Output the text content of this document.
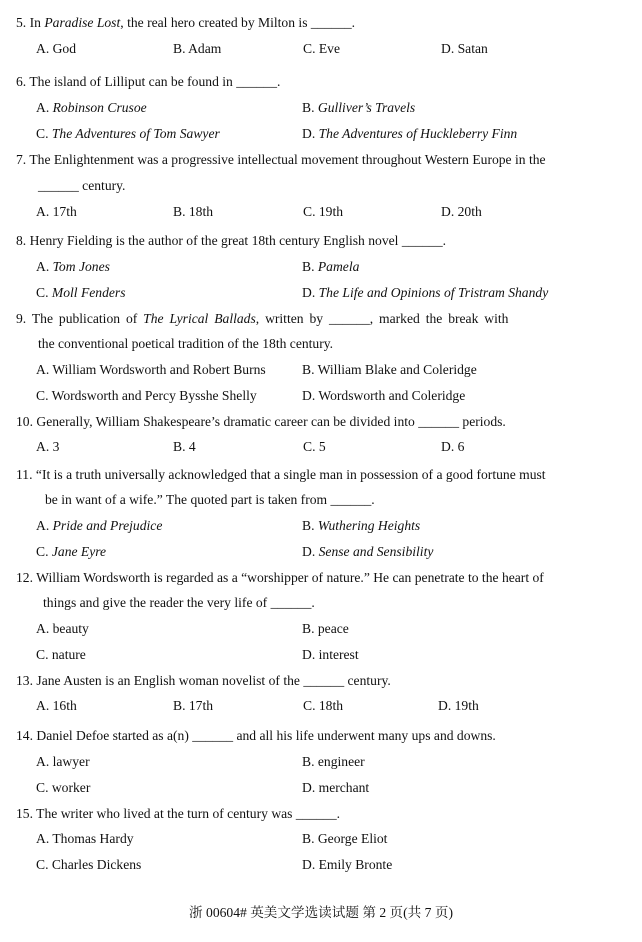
5. In Paradise Lost, the real hero created by Milton is ______.
A. God	B. Adam	C. Eve	D. Satan
6. The island of Lilliput can be found in ______.
A. Robinson Crusoe	B. Gulliver’s Travels
C. The Adventures of Tom Sawyer	D. The Adventures of Huckleberry Finn
7. The Enlightenment was a progressive intellectual movement throughout Western Europe in the
______ century.
A. 17th	B. 18th	C. 19th	D. 20th
8. Henry Fielding is the author of the great 18th century English novel ______.
A. Tom Jones	B. Pamela
C. Moll Fenders	D. The Life and Opinions of Tristram Shandy
9. The publication of The Lyrical Ballads, written by ______, marked the break with
the conventional poetical tradition of the 18th century.
A. William Wordsworth and Robert Burns	B. William Blake and Coleridge
C. Wordsworth and Percy Bysshe Shelly	D. Wordsworth and Coleridge
10. Generally, William Shakespeare’s dramatic career can be divided into ______ periods.
A. 3	B. 4	C. 5	D. 6
11. “It is a truth universally acknowledged that a single man in possession of a good fortune must
be in want of a wife.” The quoted part is taken from ______.
A. Pride and Prejudice	B. Wuthering Heights
C. Jane Eyre	D. Sense and Sensibility
12. William Wordsworth is regarded as a “worshipper of nature.” He can penetrate to the heart of
things and give the reader the very life of ______.
A. beauty	B. peace
C. nature	D. interest
13. Jane Austen is an English woman novelist of the ______ century.
A. 16th	B. 17th	C. 18th	D. 19th
14. Daniel Defoe started as a(n) ______ and all his life underwent many ups and downs.
A. lawyer	B. engineer
C. worker	D. merchant
15. The writer who lived at the turn of century was ______.
A. Thomas Hardy	B. George Eliot
C. Charles Dickens	D. Emily Bronte
浙 00604# 英美文学选读试题 第 2 页(共 7 页)
